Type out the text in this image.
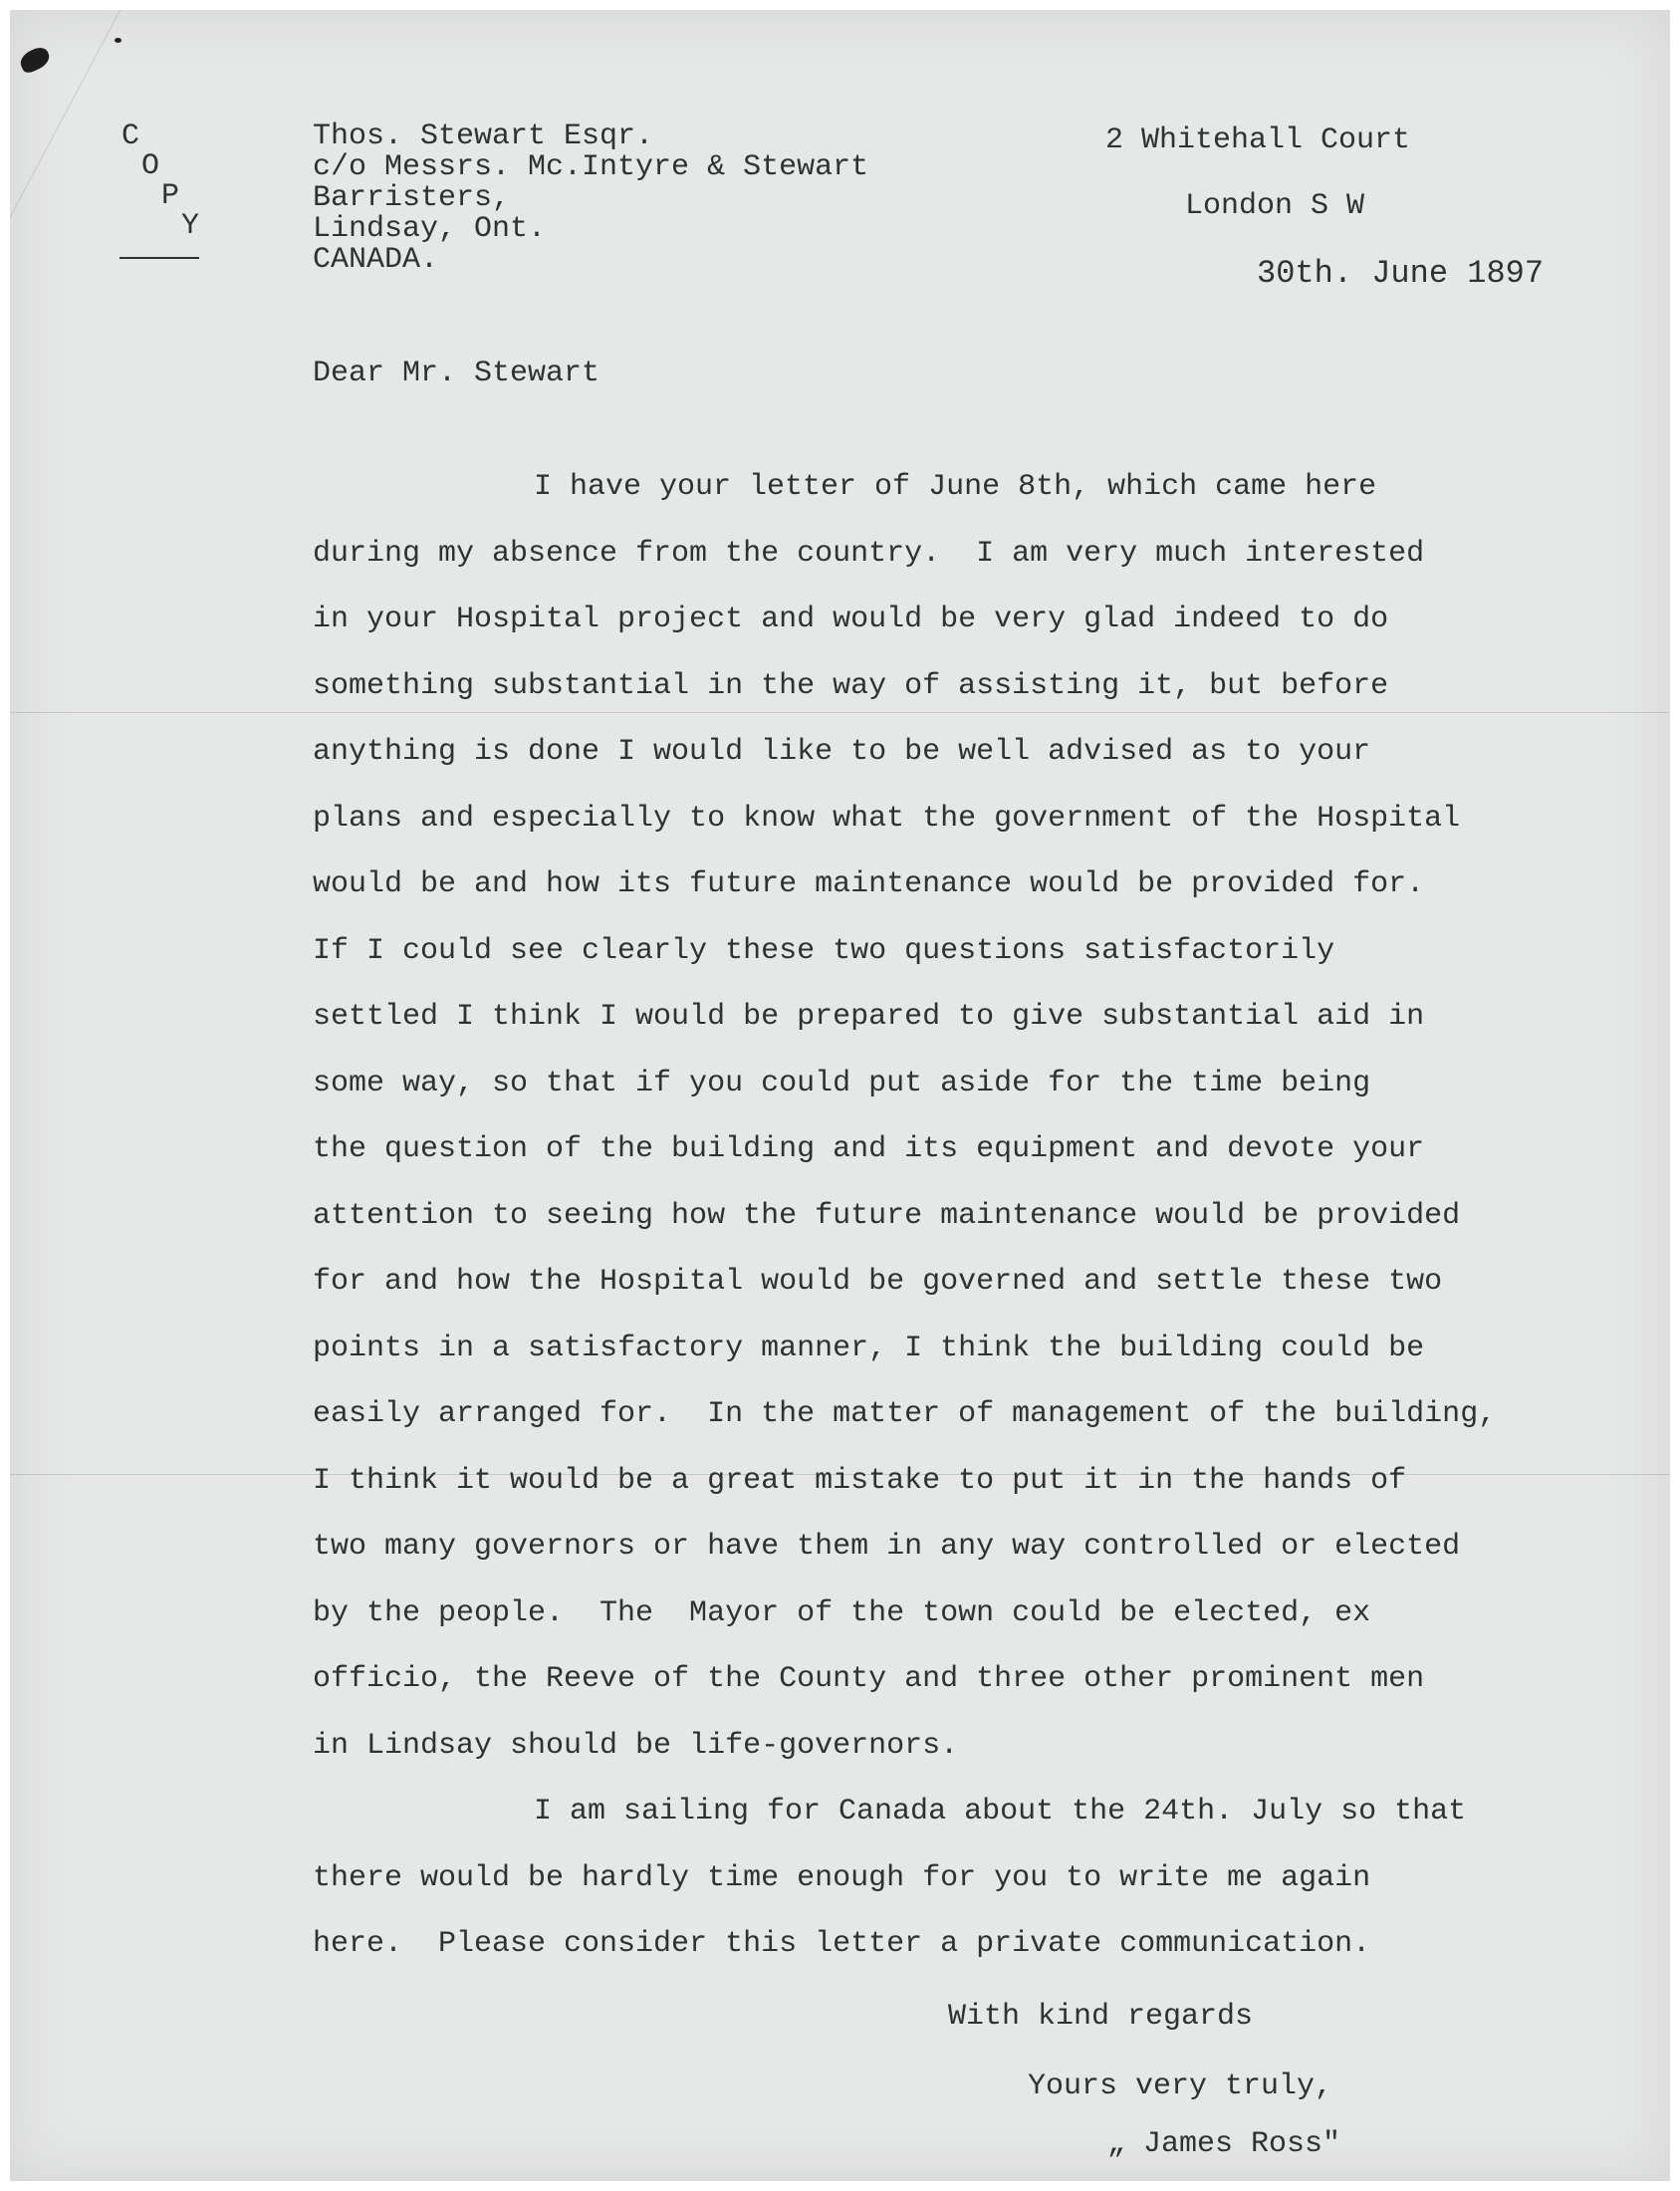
C
O
P
Y
Thos. Stewart Esqr.
c/o Messrs. Mc.Intyre & Stewart
Barristers,
Lindsay, Ont.
CANADA.
2 Whitehall Court
London S W
30th. June 1897
Dear Mr. Stewart
I have your letter of June 8th, which came here
during my absence from the country.  I am very much interested
in your Hospital project and would be very glad indeed to do
something substantial in the way of assisting it, but before
anything is done I would like to be well advised as to your
plans and especially to know what the government of the Hospital
would be and how its future maintenance would be provided for.
If I could see clearly these two questions satisfactorily
settled I think I would be prepared to give substantial aid in
some way, so that if you could put aside for the time being
the question of the building and its equipment and devote your
attention to seeing how the future maintenance would be provided
for and how the Hospital would be governed and settle these two
points in a satisfactory manner, I think the building could be
easily arranged for.  In the matter of management of the building,
I think it would be a great mistake to put it in the hands of
two many governors or have them in any way controlled or elected
by the people.  The  Mayor of the town could be elected, ex
officio, the Reeve of the County and three other prominent men
in Lindsay should be life-governors.
I am sailing for Canada about the 24th. July so that
there would be hardly time enough for you to write me again
here.  Please consider this letter a private communication.
With kind regards
Yours very truly,
„ James Ross"
